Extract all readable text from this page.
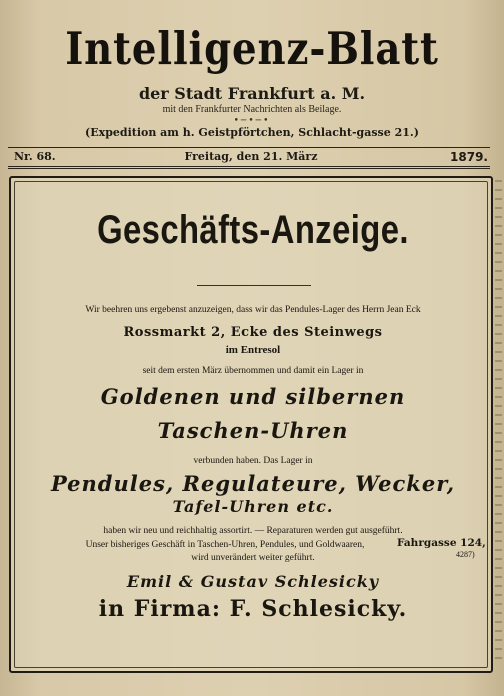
Intelligenz-Blatt
der Stadt Frankfurt a. M.
mit den Frankfurter Nachrichten als Beilage.
•─•─•
(Expedition am h. Geistpförtchen, Schlacht-gasse 21.)
Nr. 68.	Freitag, den 21. März	1879.
Geschäfts-Anzeige.
Wir beehren uns ergebenst anzuzeigen, dass wir das Pendules-Lager des Herrn Jean Eck
Rossmarkt 2, Ecke des Steinwegs
im Entresol
seit dem ersten März übernommen und damit ein Lager in
Goldenen und silbernen
Taschen-Uhren
verbunden haben. Das Lager in
Pendules, Regulateure, Wecker,
Tafel-Uhren etc.
haben wir neu und reichhaltig assortirt. — Reparaturen werden gut ausgeführt.
Unser bisheriges Geschäft in Taschen-Uhren, Pendules, und Goldwaaren,	Fahrgasse 124,
4287)
wird unverändert weiter geführt.
Emil & Gustav Schlesicky
in Firma: F. Schlesicky.
